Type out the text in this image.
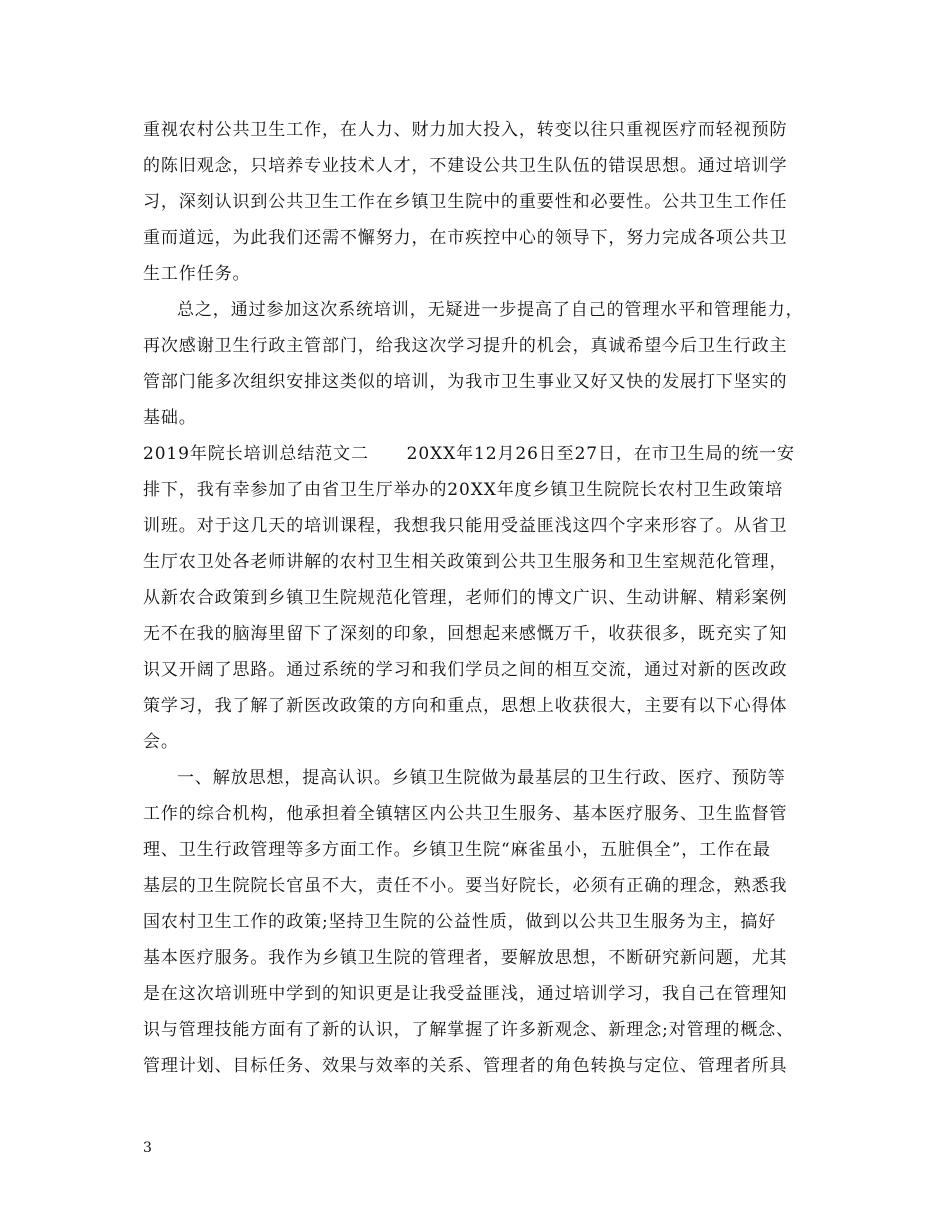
重视农村公共卫生工作，在人力、财力加大投入，转变以往只重视医疗而轻视预防
的陈旧观念，只培养专业技术人才，不建设公共卫生队伍的错误思想。通过培训学
习，深刻认识到公共卫生工作在乡镇卫生院中的重要性和必要性。公共卫生工作任
重而道远，为此我们还需不懈努力，在市疾控中心的领导下，努力完成各项公共卫
生工作任务。
总之，通过参加这次系统培训，无疑进一步提高了自己的管理水平和管理能力，
再次感谢卫生行政主管部门，给我这次学习提升的机会，真诚希望今后卫生行政主
管部门能多次组织安排这类似的培训，为我市卫生事业又好又快的发展打下坚实的
基础。
2019年院长培训总结范文二      20XX年12月26日至27日，在市卫生局的统一安
排下，我有幸参加了由省卫生厅举办的20XX年度乡镇卫生院院长农村卫生政策培
训班。对于这几天的培训课程，我想我只能用受益匪浅这四个字来形容了。从省卫
生厅农卫处各老师讲解的农村卫生相关政策到公共卫生服务和卫生室规范化管理，
从新农合政策到乡镇卫生院规范化管理，老师们的博文广识、生动讲解、精彩案例
无不在我的脑海里留下了深刻的印象，回想起来感慨万千，收获很多，既充实了知
识又开阔了思路。通过系统的学习和我们学员之间的相互交流，通过对新的医改政
策学习，我了解了新医改政策的方向和重点，思想上收获很大，主要有以下心得体
会。
一、解放思想，提高认识。乡镇卫生院做为最基层的卫生行政、医疗、预防等
工作的综合机构，他承担着全镇辖区内公共卫生服务、基本医疗服务、卫生监督管
理、卫生行政管理等多方面工作。乡镇卫生院“麻雀虽小，五脏俱全”，工作在最
基层的卫生院院长官虽不大，责任不小。要当好院长，必须有正确的理念，熟悉我
国农村卫生工作的政策;坚持卫生院的公益性质，做到以公共卫生服务为主，搞好
基本医疗服务。我作为乡镇卫生院的管理者，要解放思想，不断研究新问题，尤其
是在这次培训班中学到的知识更是让我受益匪浅，通过培训学习，我自己在管理知
识与管理技能方面有了新的认识，了解掌握了许多新观念、新理念;对管理的概念、
管理计划、目标任务、效果与效率的关系、管理者的角色转换与定位、管理者所具
3
